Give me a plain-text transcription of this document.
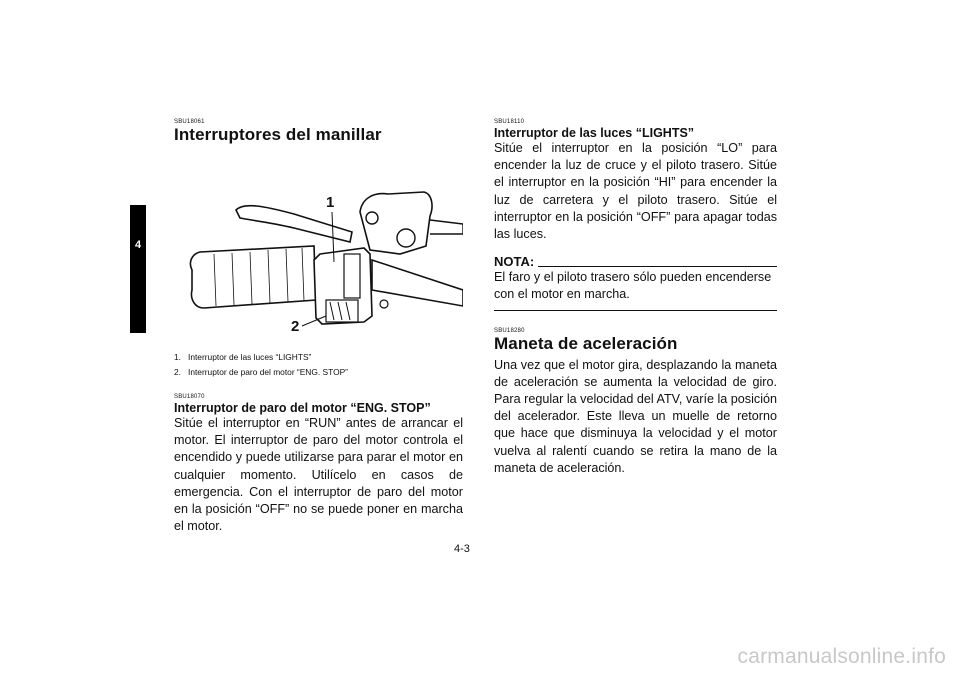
4

SBU18061

Interruptores del manillar
1
2
1. Interruptor de las luces “LIGHTS”
2. Interruptor de paro del motor “ENG. STOP”

SBU18070

Interruptor de paro del motor “ENG. STOP”

Sitúe el interruptor en “RUN” antes de arrancar el motor. El interruptor de paro del motor controla el encendido y puede utilizarse para parar el motor en cualquier momento. Utilícelo en casos de emergencia. Con el interruptor de paro del motor en la posición “OFF” no se puede poner en marcha el motor.

SBU18110

Interruptor de las luces “LIGHTS”

Sitúe el interruptor en la posición “LO” para encender la luz de cruce y el piloto trasero. Sitúe el interruptor en la posición “HI” para encender la luz de carretera y el piloto trasero. Sitúe el interruptor en la posición “OFF” para apagar todas las luces.

NOTA:

El faro y el piloto trasero sólo pueden encenderse con el motor en marcha.

SBU18280

Maneta de aceleración

Una vez que el motor gira, desplazando la maneta de aceleración se aumenta la velocidad de giro. Para regular la velocidad del ATV, varíe la posición del acelerador. Este lleva un muelle de retorno que hace que disminuya la velocidad y el motor vuelva al ralentí cuando se retira la mano de la maneta de aceleración.

4-3
carmanualsonline.info
